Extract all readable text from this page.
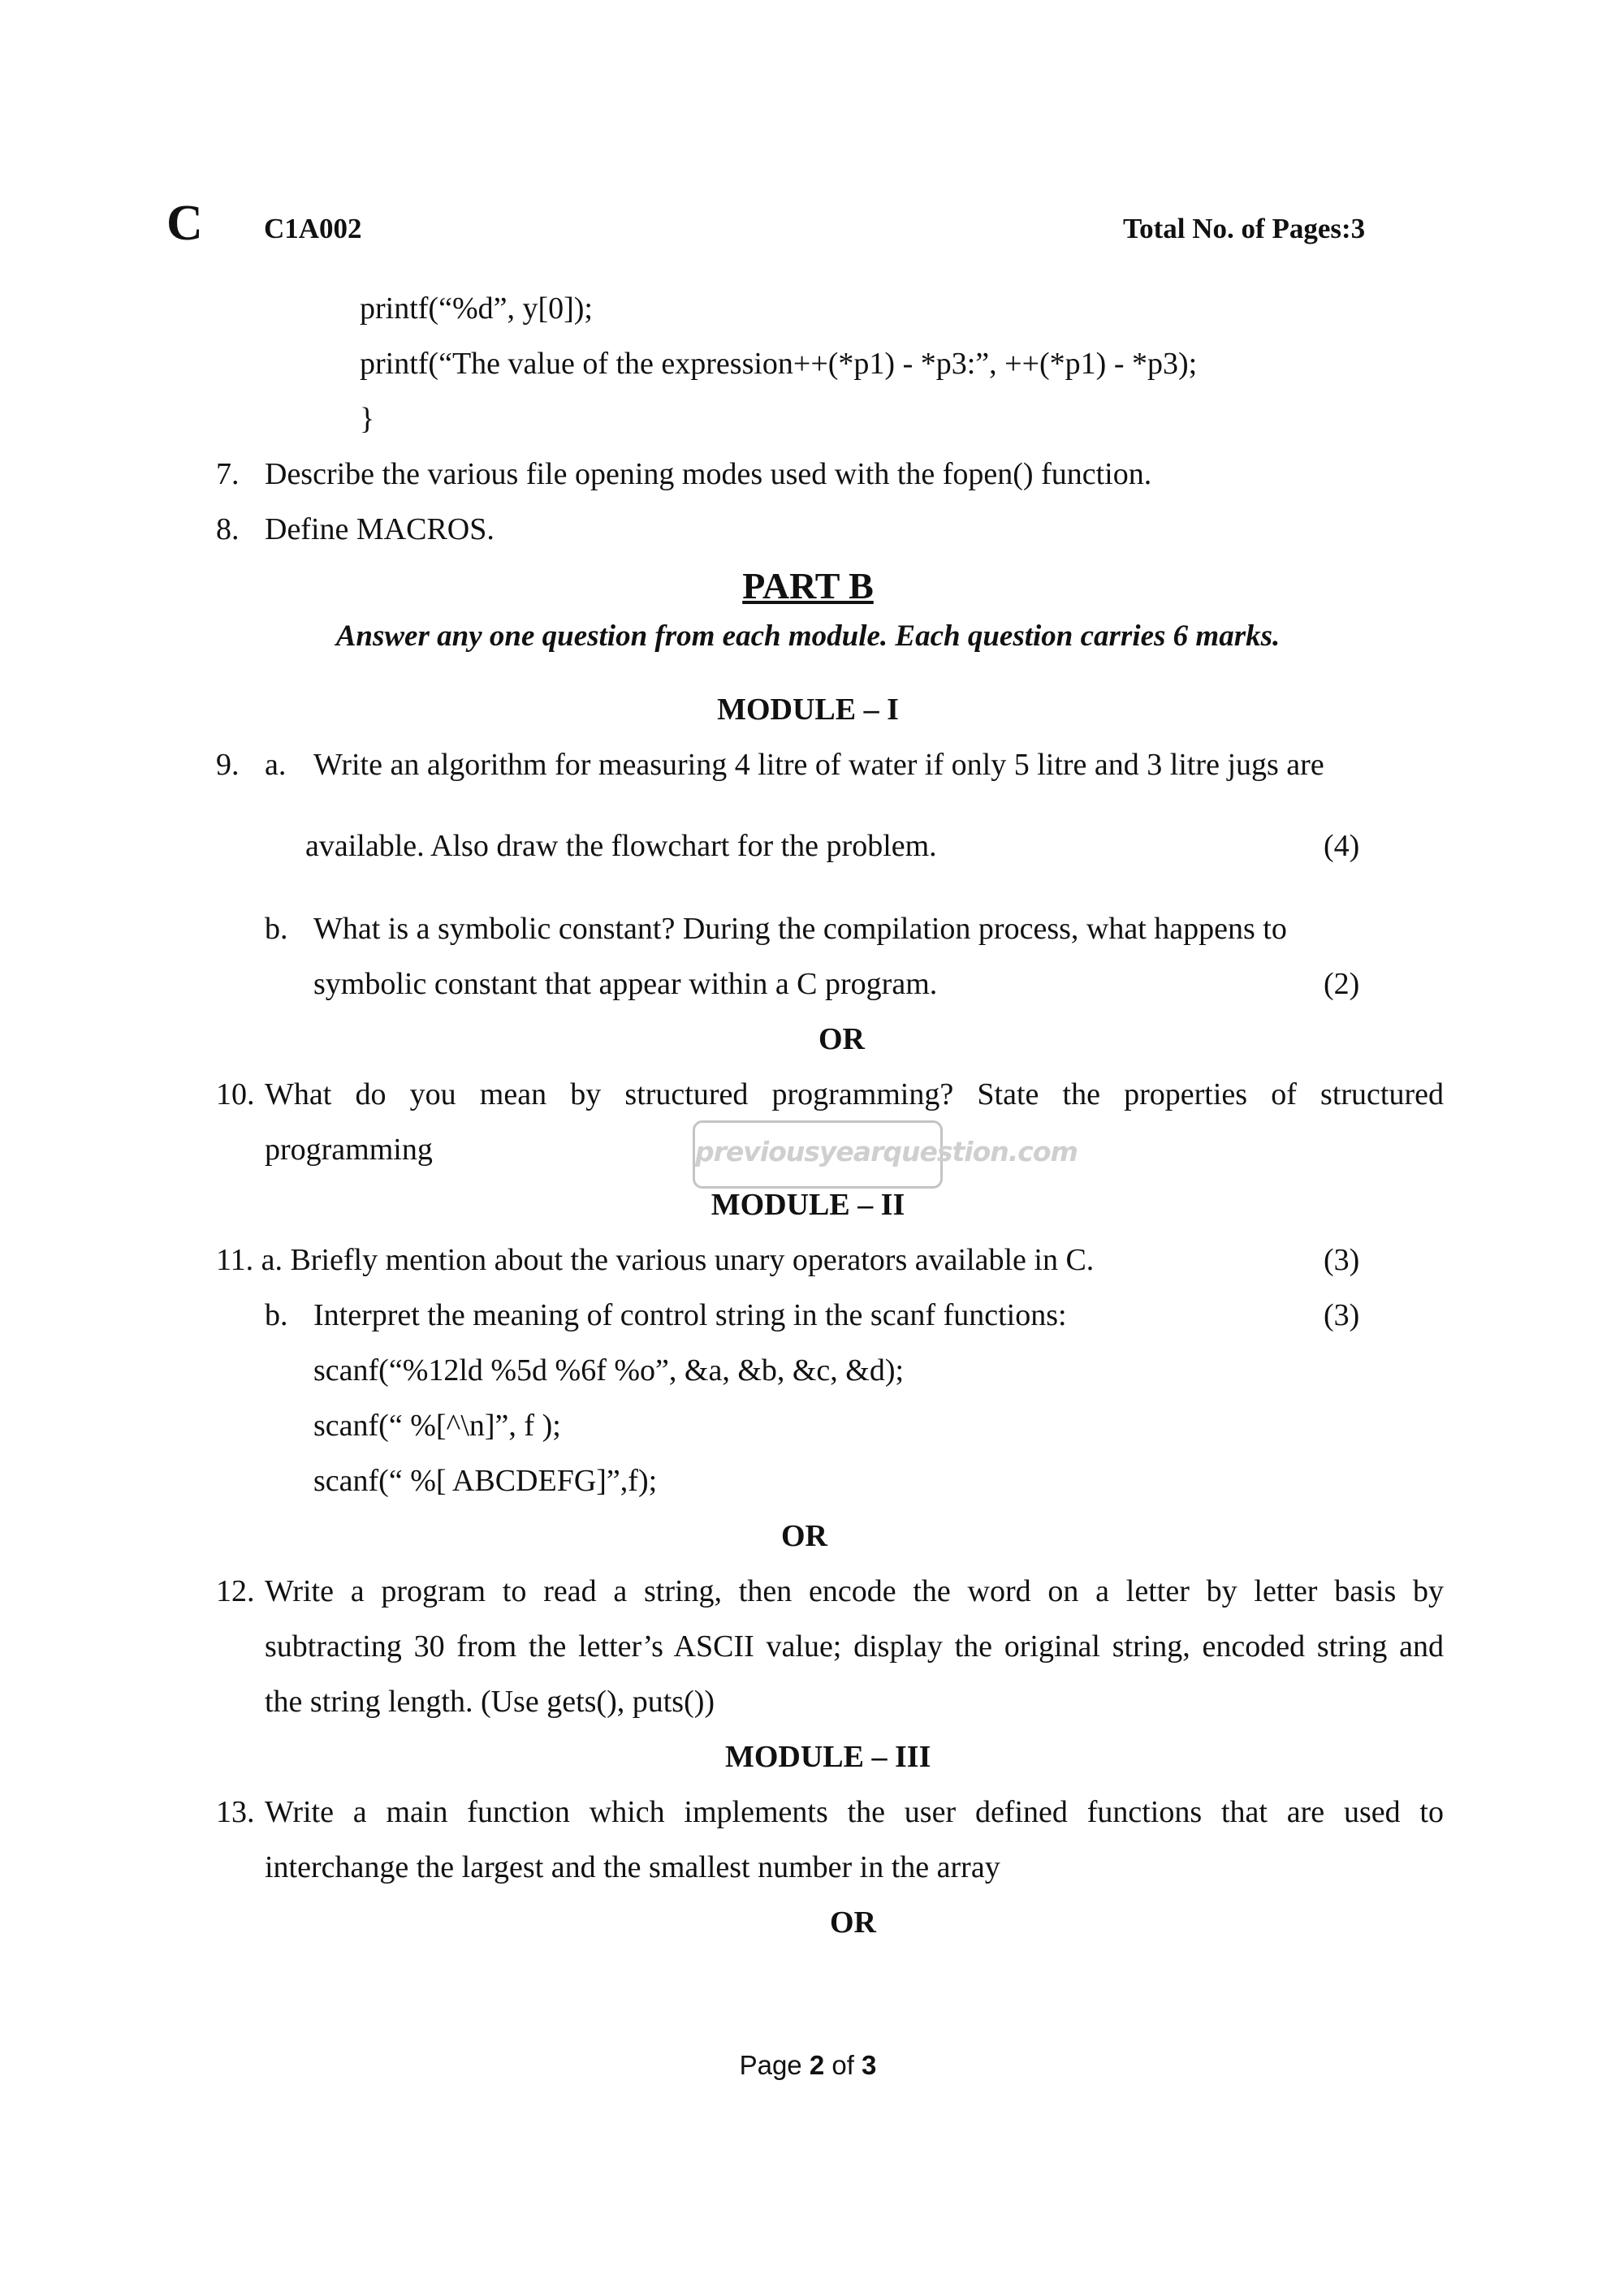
C C1A002	Total No. of Pages:3
printf(“%d”, y[0]);
printf(“The value of the expression++(*p1) - *p3:”, ++(*p1) - *p3);
}
7. Describe the various file opening modes used with the fopen() function.
8. Define MACROS.
PART B
Answer any one question from each module. Each question carries 6 marks.
MODULE – I
9. a. Write an algorithm for measuring 4 litre of water if only 5 litre and 3 litre jugs are
available. Also draw the flowchart for the problem.	(4)
b. What is a symbolic constant? During the compilation process, what happens to
symbolic constant that appear within a C program.	(2)
OR
10. What do you mean by structured programming? State the properties of structured
programming	previousyearquestion.com
MODULE – II
11. a. Briefly mention about the various unary operators available in C.	(3)
b. Interpret the meaning of control string in the scanf functions:	(3)
scanf(“%12ld %5d %6f %o”, &a, &b, &c, &d);
scanf(“ %[^\n]”, f );
scanf(“ %[ ABCDEFG]”,f);
OR
12. Write a program to read a string, then encode the word on a letter by letter basis by
subtracting 30 from the letter’s ASCII value; display the original string, encoded string and
the string length. (Use gets(), puts())
MODULE – III
13. Write a main function which implements the user defined functions that are used to
interchange the largest and the smallest number in the array
OR
Page 2 of 3
